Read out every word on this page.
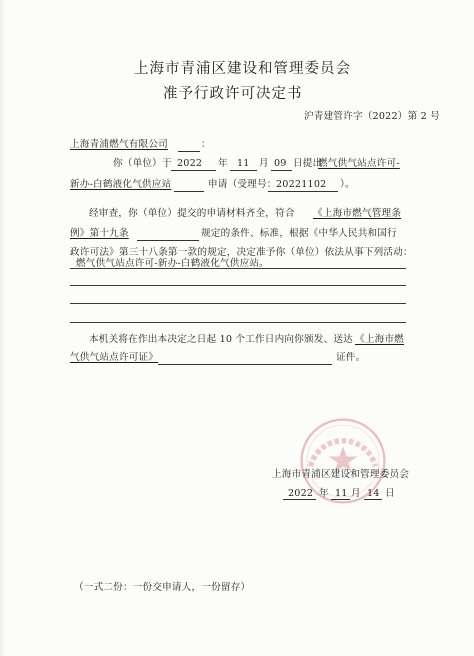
上海市青浦区建设和管理委员会
准予行政许可决定书
沪青建管许字（2022）第 2 号
上海青浦燃气有限公司	：
你（单位）于 2022 年 11 月 09 日提出
燃气供气站点许可-
新办-白鹤液化气供应站	申请（受理号： 20221102 ）。
经审查，你（单位）提交的申请材料齐全，符合 《上海市燃气管理条
例》第十九条	规定的条件、标准，根据《中华人民共和国行
政许可法》第三十八条第一款的规定，决定准予你（单位）依法从事下列活动：
燃气供气站点许可-新办-白鹤液化气供应站。
本机关将在作出本决定之日起 10 个工作日内向你颁发、送达 《上海市燃
气供气站点许可证》	证件。
上海市青浦区建设和管理委员会
2022 年 11 月 14 日
（一式二份：一份交申请人，一份留存）
